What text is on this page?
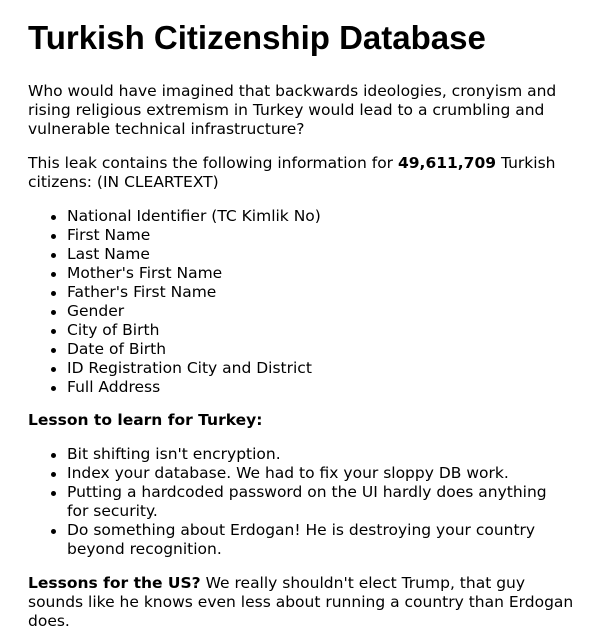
Turkish Citizenship Database

Who would have imagined that backwards ideologies, cronyism and rising religious extremism in Turkey would lead to a crumbling and vulnerable technical infrastructure?

This leak contains the following information for 49,611,709 Turkish citizens: (IN CLEARTEXT)

National Identifier (TC Kimlik No)
First Name
Last Name
Mother's First Name
Father's First Name
Gender
City of Birth
Date of Birth
ID Registration City and District
Full Address

Lesson to learn for Turkey:

Bit shifting isn't encryption.
Index your database. We had to fix your sloppy DB work.
Putting a hardcoded password on the UI hardly does anything for security.
Do something about Erdogan! He is destroying your country beyond recognition.

Lessons for the US? We really shouldn't elect Trump, that guy sounds like he knows even less about running a country than Erdogan does.
